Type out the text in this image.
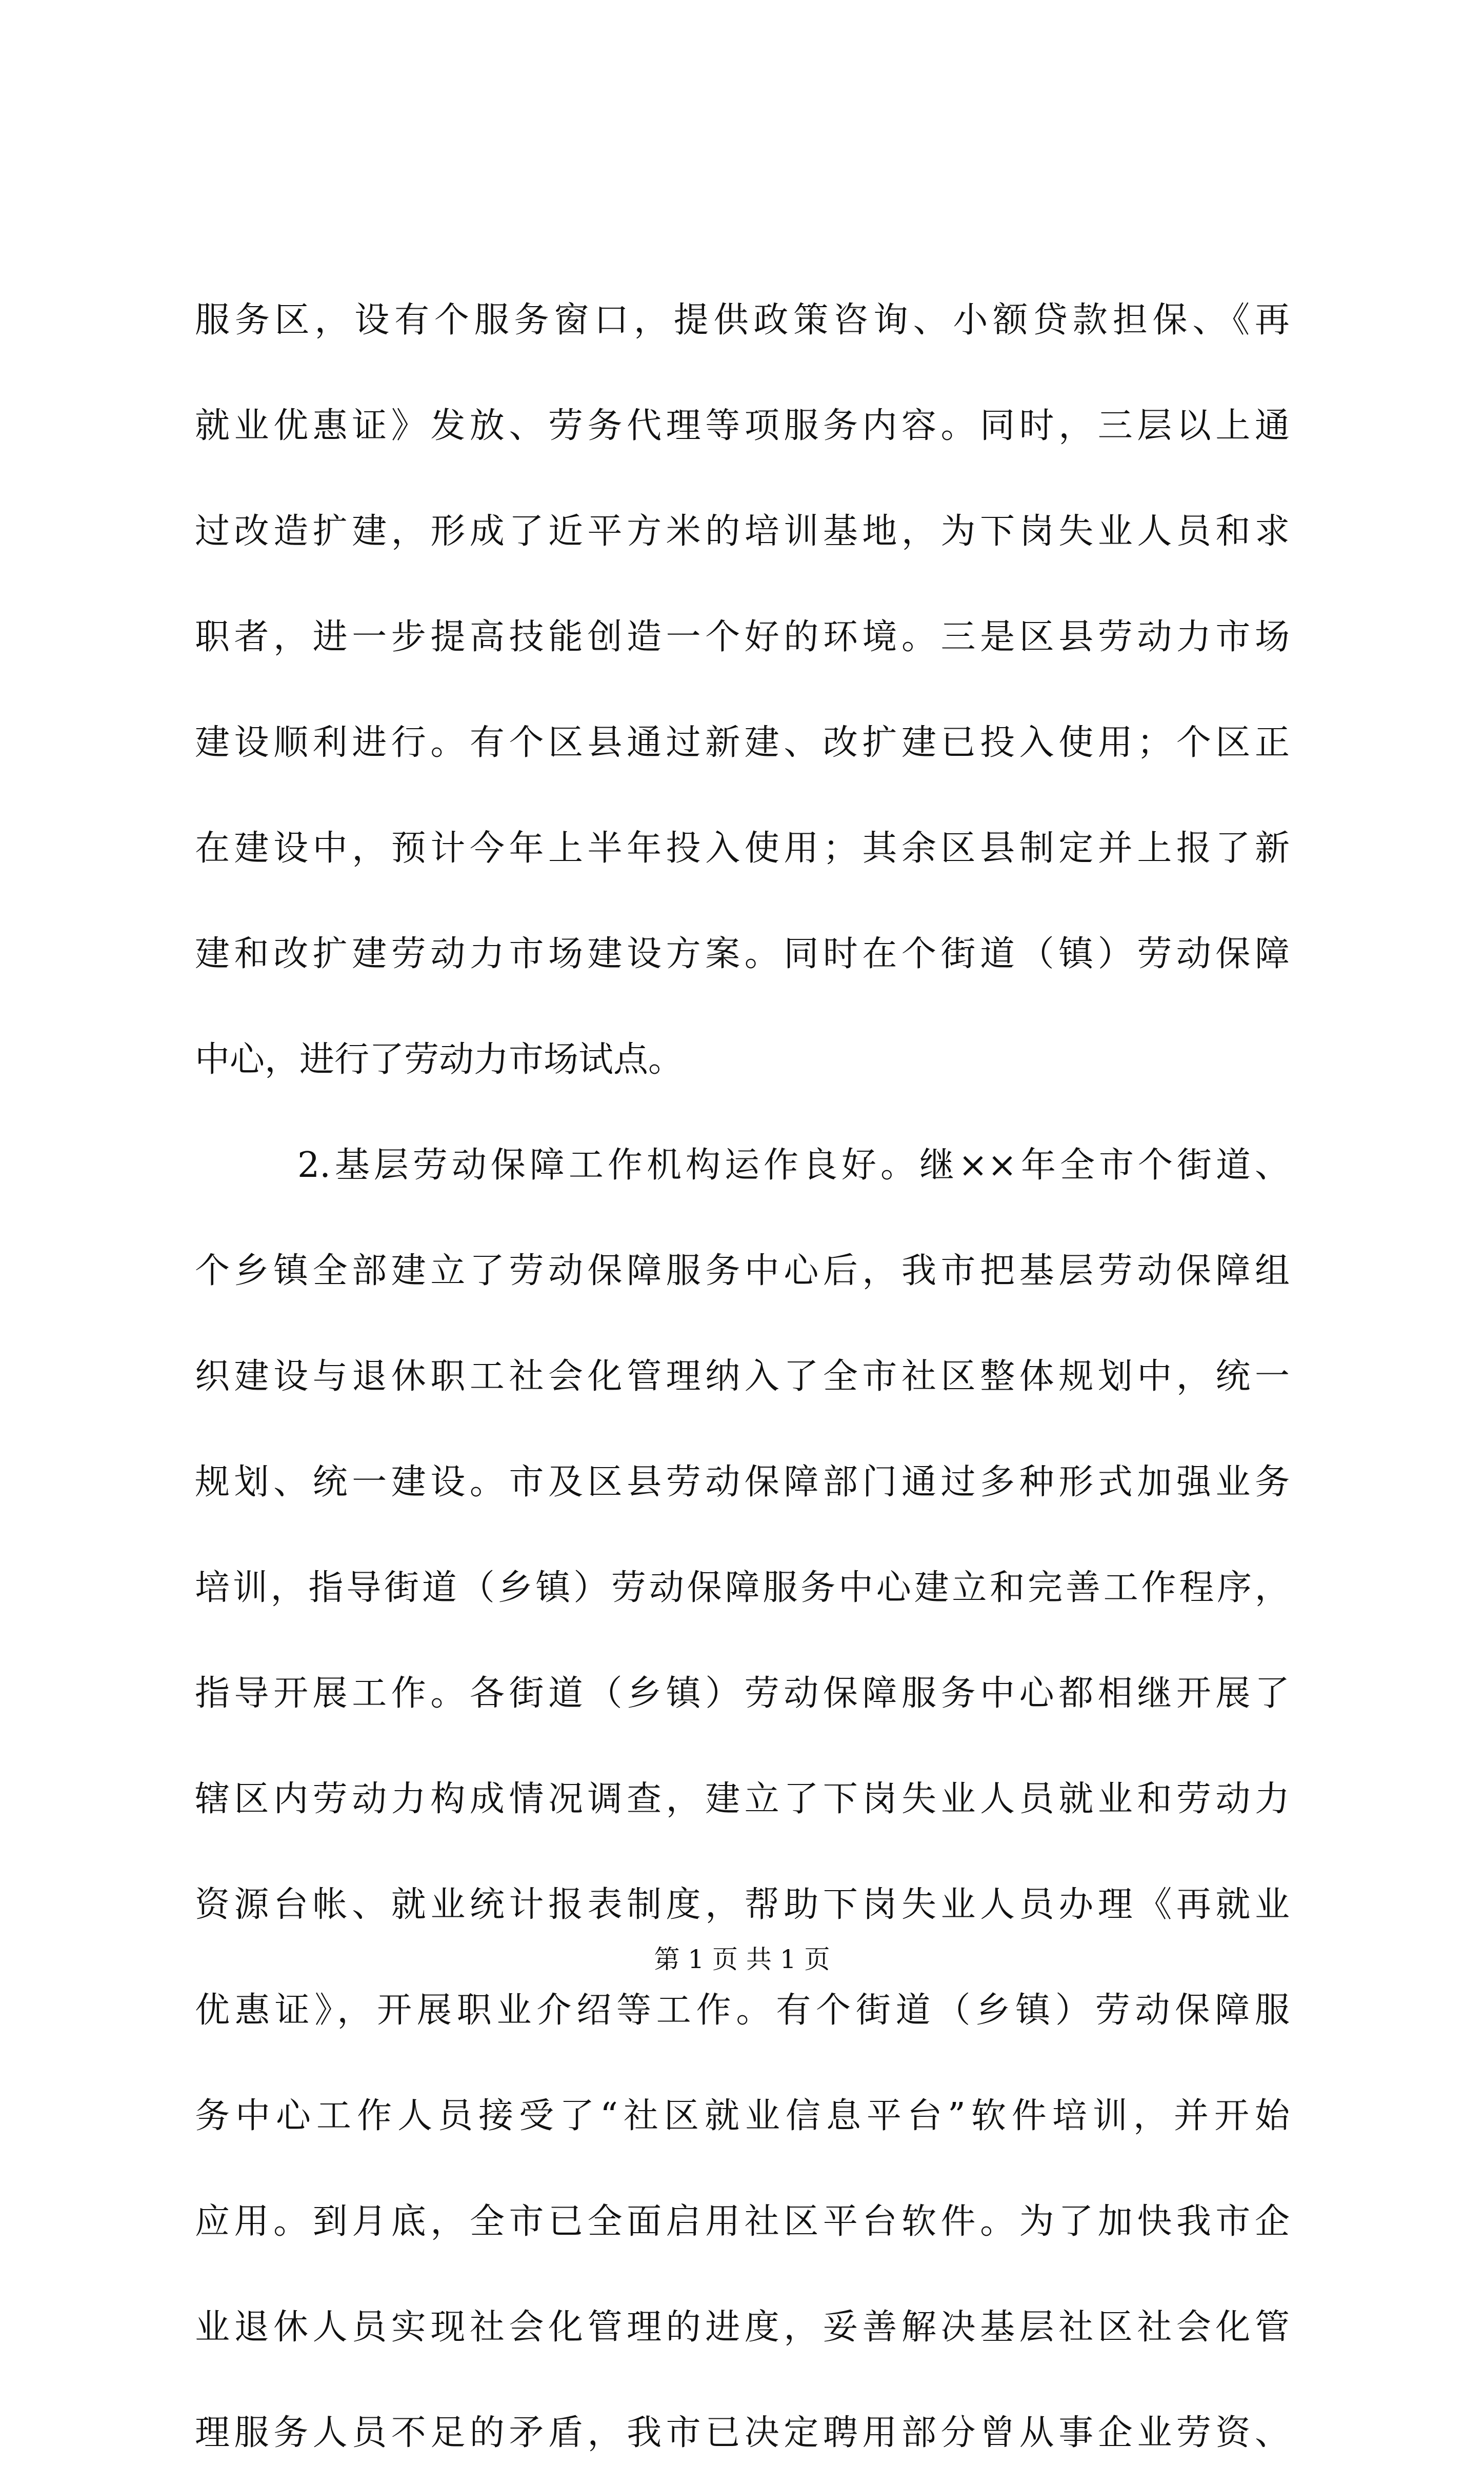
服务区，设有个服务窗口，提供政策咨询、小额贷款担保、《再
就业优惠证》发放、劳务代理等项服务内容。同时，三层以上通
过改造扩建，形成了近平方米的培训基地，为下岗失业人员和求
职者，进一步提高技能创造一个好的环境。三是区县劳动力市场
建设顺利进行。有个区县通过新建、改扩建已投入使用；个区正
在建设中，预计今年上半年投入使用；其余区县制定并上报了新
建和改扩建劳动力市场建设方案。同时在个街道（镇）劳动保障
中心，进行了劳动力市场试点。
2.基层劳动保障工作机构运作良好。继××年全市个街道、
个乡镇全部建立了劳动保障服务中心后，我市把基层劳动保障组
织建设与退休职工社会化管理纳入了全市社区整体规划中，统一
规划、统一建设。市及区县劳动保障部门通过多种形式加强业务
培训，指导街道（乡镇）劳动保障服务中心建立和完善工作程序，
指导开展工作。各街道（乡镇）劳动保障服务中心都相继开展了
辖区内劳动力构成情况调查，建立了下岗失业人员就业和劳动力
资源台帐、就业统计报表制度，帮助下岗失业人员办理《再就业
优惠证》，开展职业介绍等工作。有个街道（乡镇）劳动保障服
务中心工作人员接受了“社区就业信息平台”软件培训，并开始
应用。到月底，全市已全面启用社区平台软件。为了加快我市企
业退休人员实现社会化管理的进度，妥善解决基层社区社会化管
理服务人员不足的矛盾，我市已决定聘用部分曾从事企业劳资、
第 1 页 共 1 页
